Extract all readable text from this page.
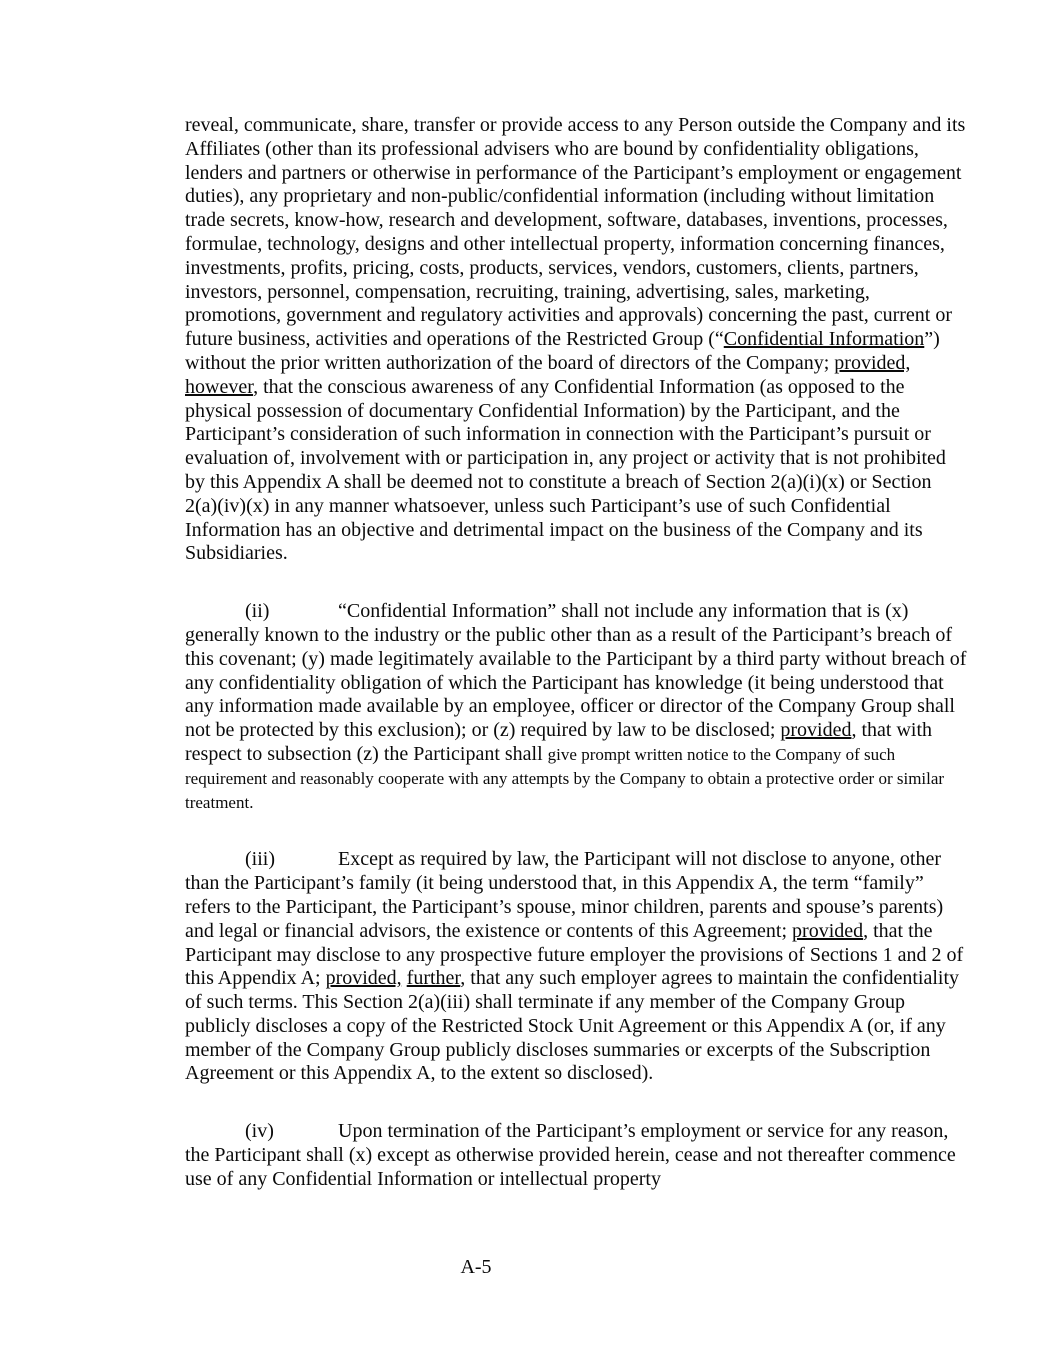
reveal, communicate, share, transfer or provide access to any Person outside the Company and its Affiliates (other than its professional advisers who are bound by confidentiality obligations, lenders and partners or otherwise in performance of the Participant’s employment or engagement duties), any proprietary and non-public/confidential information (including without limitation trade secrets, know-how, research and development, software, databases, inventions, processes, formulae, technology, designs and other intellectual property, information concerning finances, investments, profits, pricing, costs, products, services, vendors, customers, clients, partners, investors, personnel, compensation, recruiting, training, advertising, sales, marketing, promotions, government and regulatory activities and approvals) concerning the past, current or future business, activities and operations of the Restricted Group (“Confidential Information”) without the prior written authorization of the board of directors of the Company; provided, however, that the conscious awareness of any Confidential Information (as opposed to the physical possession of documentary Confidential Information) by the Participant, and the Participant’s consideration of such information in connection with the Participant’s pursuit or evaluation of, involvement with or participation in, any project or activity that is not prohibited by this Appendix A shall be deemed not to constitute a breach of Section 2(a)(i)(x) or Section 2(a)(iv)(x) in any manner whatsoever, unless such Participant’s use of such Confidential Information has an objective and detrimental impact on the business of the Company and its Subsidiaries.

(ii)	“Confidential Information” shall not include any information that is (x) generally known to the industry or the public other than as a result of the Participant’s breach of this covenant; (y) made legitimately available to the Participant by a third party without breach of any confidentiality obligation of which the Participant has knowledge (it being understood that any information made available by an employee, officer or director of the Company Group shall not be protected by this exclusion); or (z) required by law to be disclosed; provided, that with respect to subsection (z) the Participant shall give prompt written notice to the Company of such requirement and reasonably cooperate with any attempts by the Company to obtain a protective order or similar treatment.

(iii)	Except as required by law, the Participant will not disclose to anyone, other than the Participant’s family (it being understood that, in this Appendix A, the term “family” refers to the Participant, the Participant’s spouse, minor children, parents and spouse’s parents) and legal or financial advisors, the existence or contents of this Agreement; provided, that the Participant may disclose to any prospective future employer the provisions of Sections 1 and 2 of this Appendix A; provided, further, that any such employer agrees to maintain the confidentiality of such terms. This Section 2(a)(iii) shall terminate if any member of the Company Group publicly discloses a copy of the Restricted Stock Unit Agreement or this Appendix A (or, if any member of the Company Group publicly discloses summaries or excerpts of the Subscription Agreement or this Appendix A, to the extent so disclosed).

(iv)	Upon termination of the Participant’s employment or service for any reason, the Participant shall (x) except as otherwise provided herein, cease and not thereafter commence use of any Confidential Information or intellectual property

A-5
